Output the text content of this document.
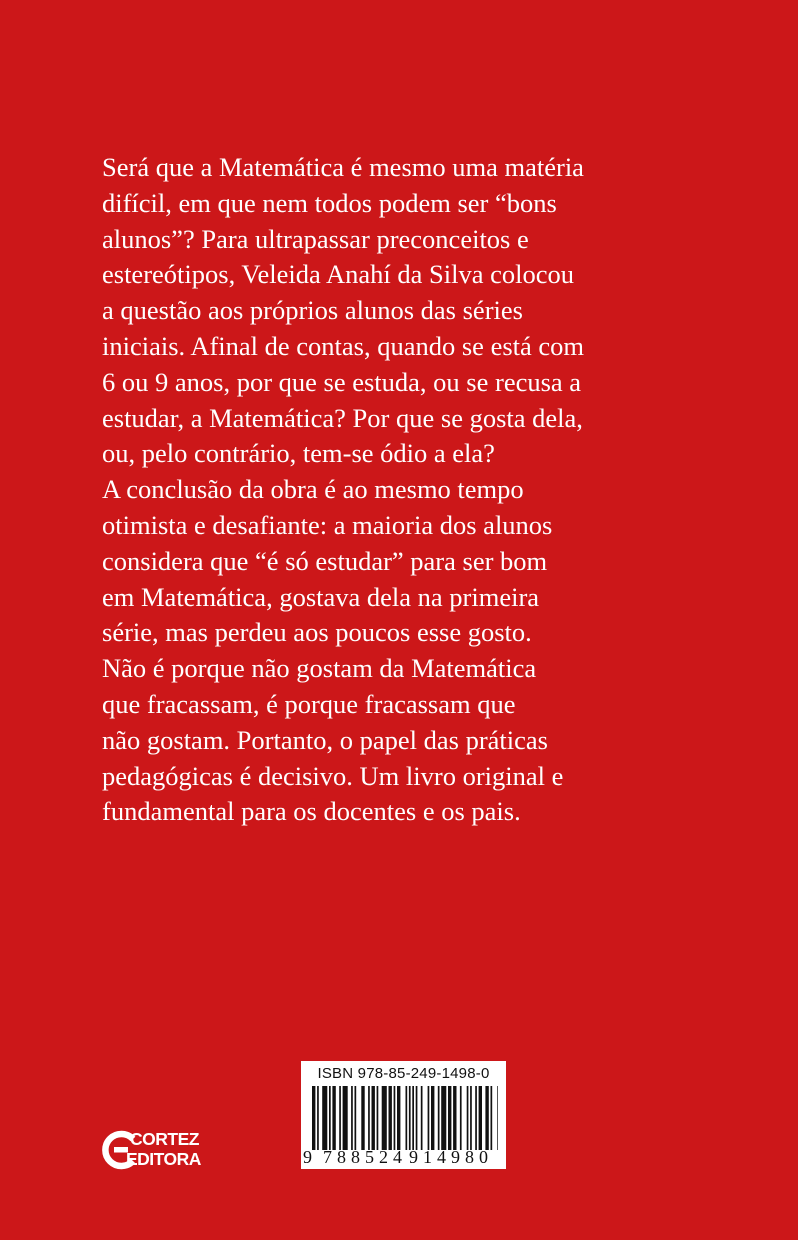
Será que a Matemática é mesmo uma matéria
difícil, em que nem todos podem ser “bons
alunos”? Para ultrapassar preconceitos e
estereótipos, Veleida Anahí da Silva colocou
a questão aos próprios alunos das séries
iniciais. Afinal de contas, quando se está com
6 ou 9 anos, por que se estuda, ou se recusa a
estudar, a Matemática? Por que se gosta dela,
ou, pelo contrário, tem-se ódio a ela?
A conclusão da obra é ao mesmo tempo
otimista e desafiante: a maioria dos alunos
considera que “é só estudar” para ser bom
em Matemática, gostava dela na primeira
série, mas perdeu aos poucos esse gosto.
Não é porque não gostam da Matemática
que fracassam, é porque fracassam que
não gostam. Portanto, o papel das práticas
pedagógicas é decisivo. Um livro original e
fundamental para os docentes e os pais.
CORTEZ
EDITORA
ISBN 978-85-249-1498-0
9 7 8 8 5 2 4 9 1 4 9 8 0
